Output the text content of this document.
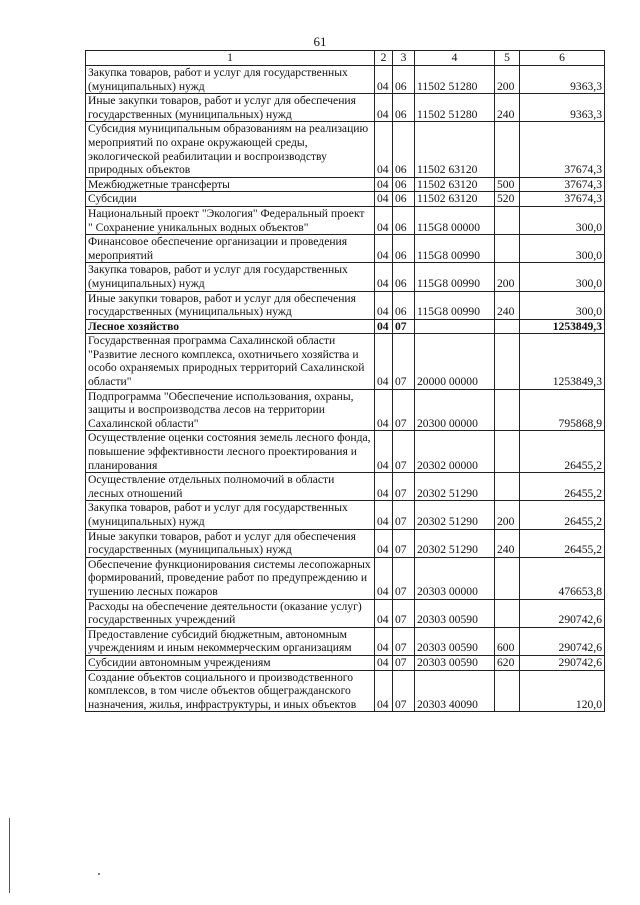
61
1	2	3	4	5	6
Закупка товаров, работ и услуг для государственных (муниципальных) нужд	04	06	11502 51280	200	9363,3
Иные закупки товаров, работ и услуг для обеспечения государственных (муниципальных) нужд	04	06	11502 51280	240	9363,3
Субсидия муниципальным образованиям на реализацию мероприятий по охране окружающей среды, экологической реабилитации и воспроизводству природных объектов	04	06	11502 63120		37674,3
Межбюджетные трансферты	04	06	11502 63120	500	37674,3
Субсидии	04	06	11502 63120	520	37674,3
Национальный проект "Экология" Федеральный проект " Сохранение уникальных водных объектов"	04	06	115G8 00000		300,0
Финансовое обеспечение организации и проведения мероприятий	04	06	115G8 00990		300,0
Закупка товаров, работ и услуг для государственных (муниципальных) нужд	04	06	115G8 00990	200	300,0
Иные закупки товаров, работ и услуг для обеспечения государственных (муниципальных) нужд	04	06	115G8 00990	240	300,0
Лесное хозяйство	04	07			1253849,3
Государственная программа Сахалинской области "Развитие лесного комплекса, охотничьего хозяйства и особо охраняемых природных территорий Сахалинской области"	04	07	20000 00000		1253849,3
Подпрограмма "Обеспечение использования, охраны, защиты и воспроизводства лесов на территории Сахалинской области"	04	07	20300 00000		795868,9
Осуществление оценки состояния земель лесного фонда, повышение эффективности лесного проектирования и планирования	04	07	20302 00000		26455,2
Осуществление отдельных полномочий в области лесных отношений	04	07	20302 51290		26455,2
Закупка товаров, работ и услуг для государственных (муниципальных) нужд	04	07	20302 51290	200	26455,2
Иные закупки товаров, работ и услуг для обеспечения государственных (муниципальных) нужд	04	07	20302 51290	240	26455,2
Обеспечение функционирования системы лесопожарных формирований, проведение работ по предупреждению и тушению лесных пожаров	04	07	20303 00000		476653,8
Расходы на обеспечение деятельности (оказание услуг) государственных учреждений	04	07	20303 00590		290742,6
Предоставление субсидий бюджетным, автономным учреждениям и иным некоммерческим организациям	04	07	20303 00590	600	290742,6
Субсидии автономным учреждениям	04	07	20303 00590	620	290742,6
Создание объектов социального и производственного комплексов, в том числе объектов общегражданского назначения, жилья, инфраструктуры, и иных объектов	04	07	20303 40090		120,0
